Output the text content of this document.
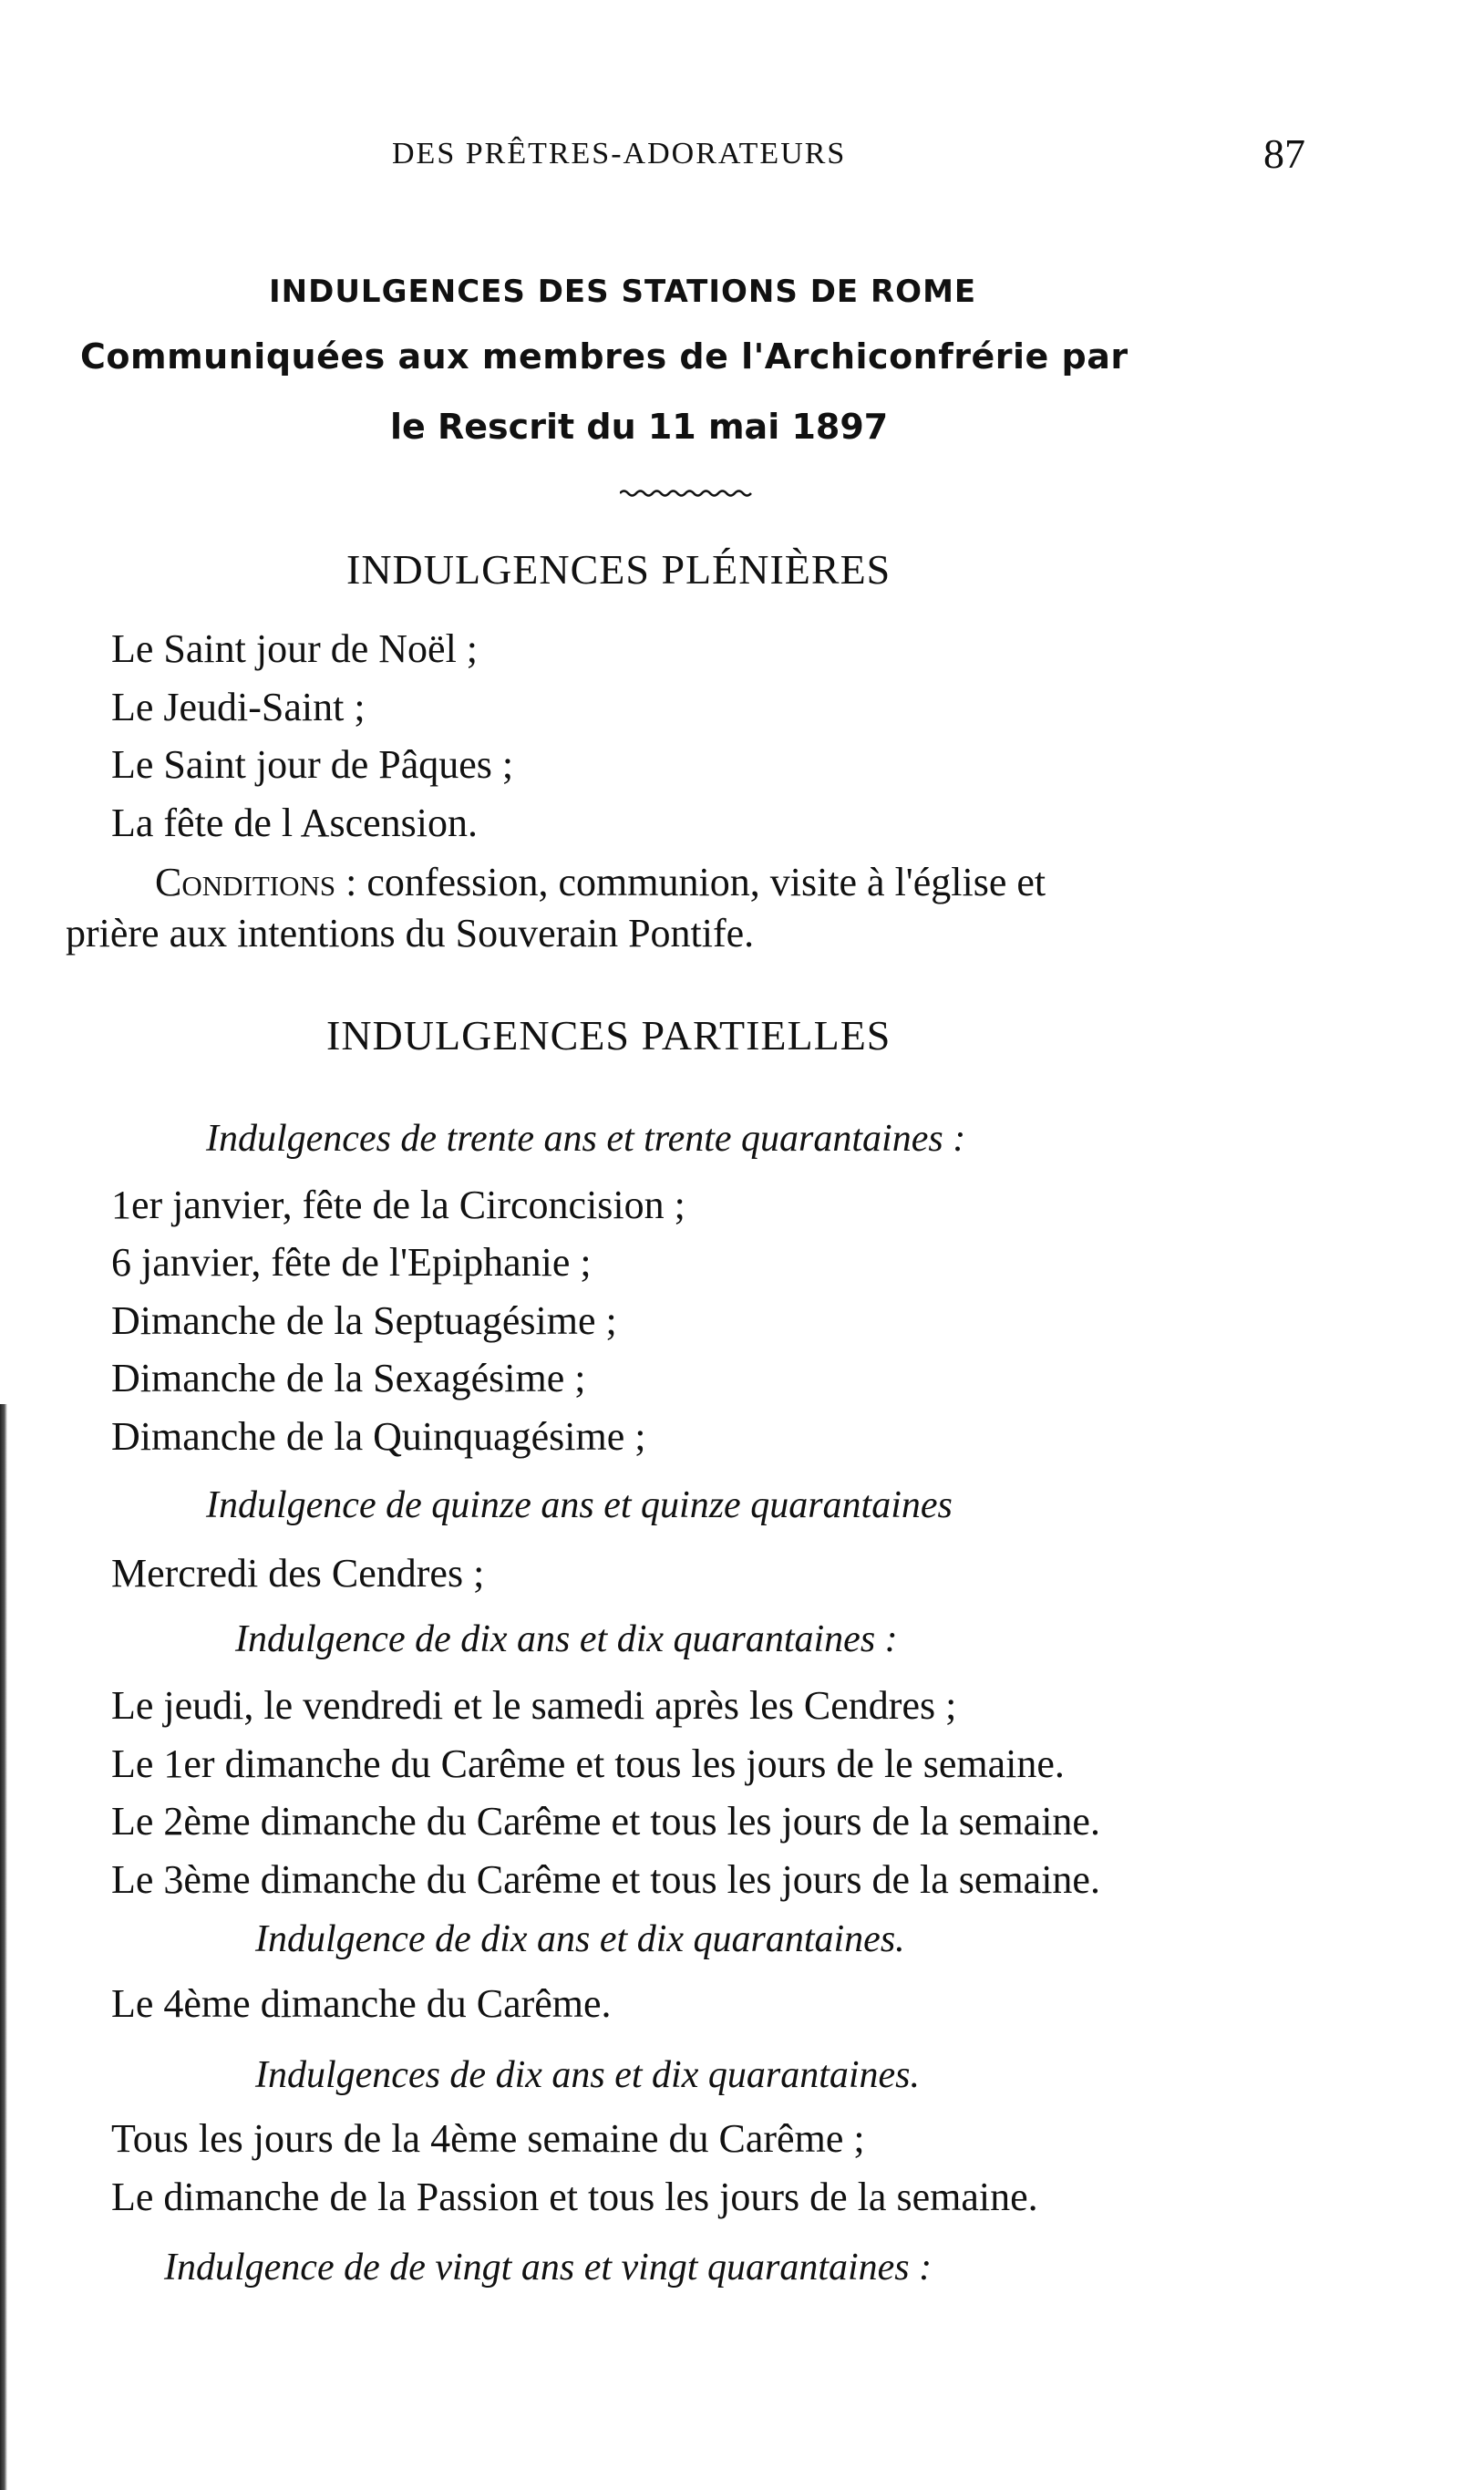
DES PRÊTRES-ADORATEURS	87
INDULGENCES DES STATIONS DE ROME
Communiquées aux membres de l'Archiconfrérie par
le Rescrit du 11 mai 1897
INDULGENCES PLÉNIÈRES
Le Saint jour de Noël ;
Le Jeudi-Saint ;
Le Saint jour de Pâques ;
La fête de l Ascension.
Conditions : confession, communion, visite à l'église et
prière aux intentions du Souverain Pontife.
INDULGENCES PARTIELLES
Indulgences de trente ans et trente quarantaines :
1er janvier, fête de la Circoncision ;
6 janvier, fête de l'Epiphanie ;
Dimanche de la Septuagésime ;
Dimanche de la Sexagésime ;
Dimanche de la Quinquagésime ;
Indulgence de quinze ans et quinze quarantaines
Mercredi des Cendres ;
Indulgence de dix ans et dix quarantaines :
Le jeudi, le vendredi et le samedi après les Cendres ;
Le 1er dimanche du Carême et tous les jours de le semaine.
Le 2ème dimanche du Carême et tous les jours de la semaine.
Le 3ème dimanche du Carême et tous les jours de la semaine.
Indulgence de dix ans et dix quarantaines.
Le 4ème dimanche du Carême.
Indulgences de dix ans et dix quarantaines.
Tous les jours de la 4ème semaine du Carême ;
Le dimanche de la Passion et tous les jours de la semaine.
Indulgence de de vingt ans et vingt quarantaines :
